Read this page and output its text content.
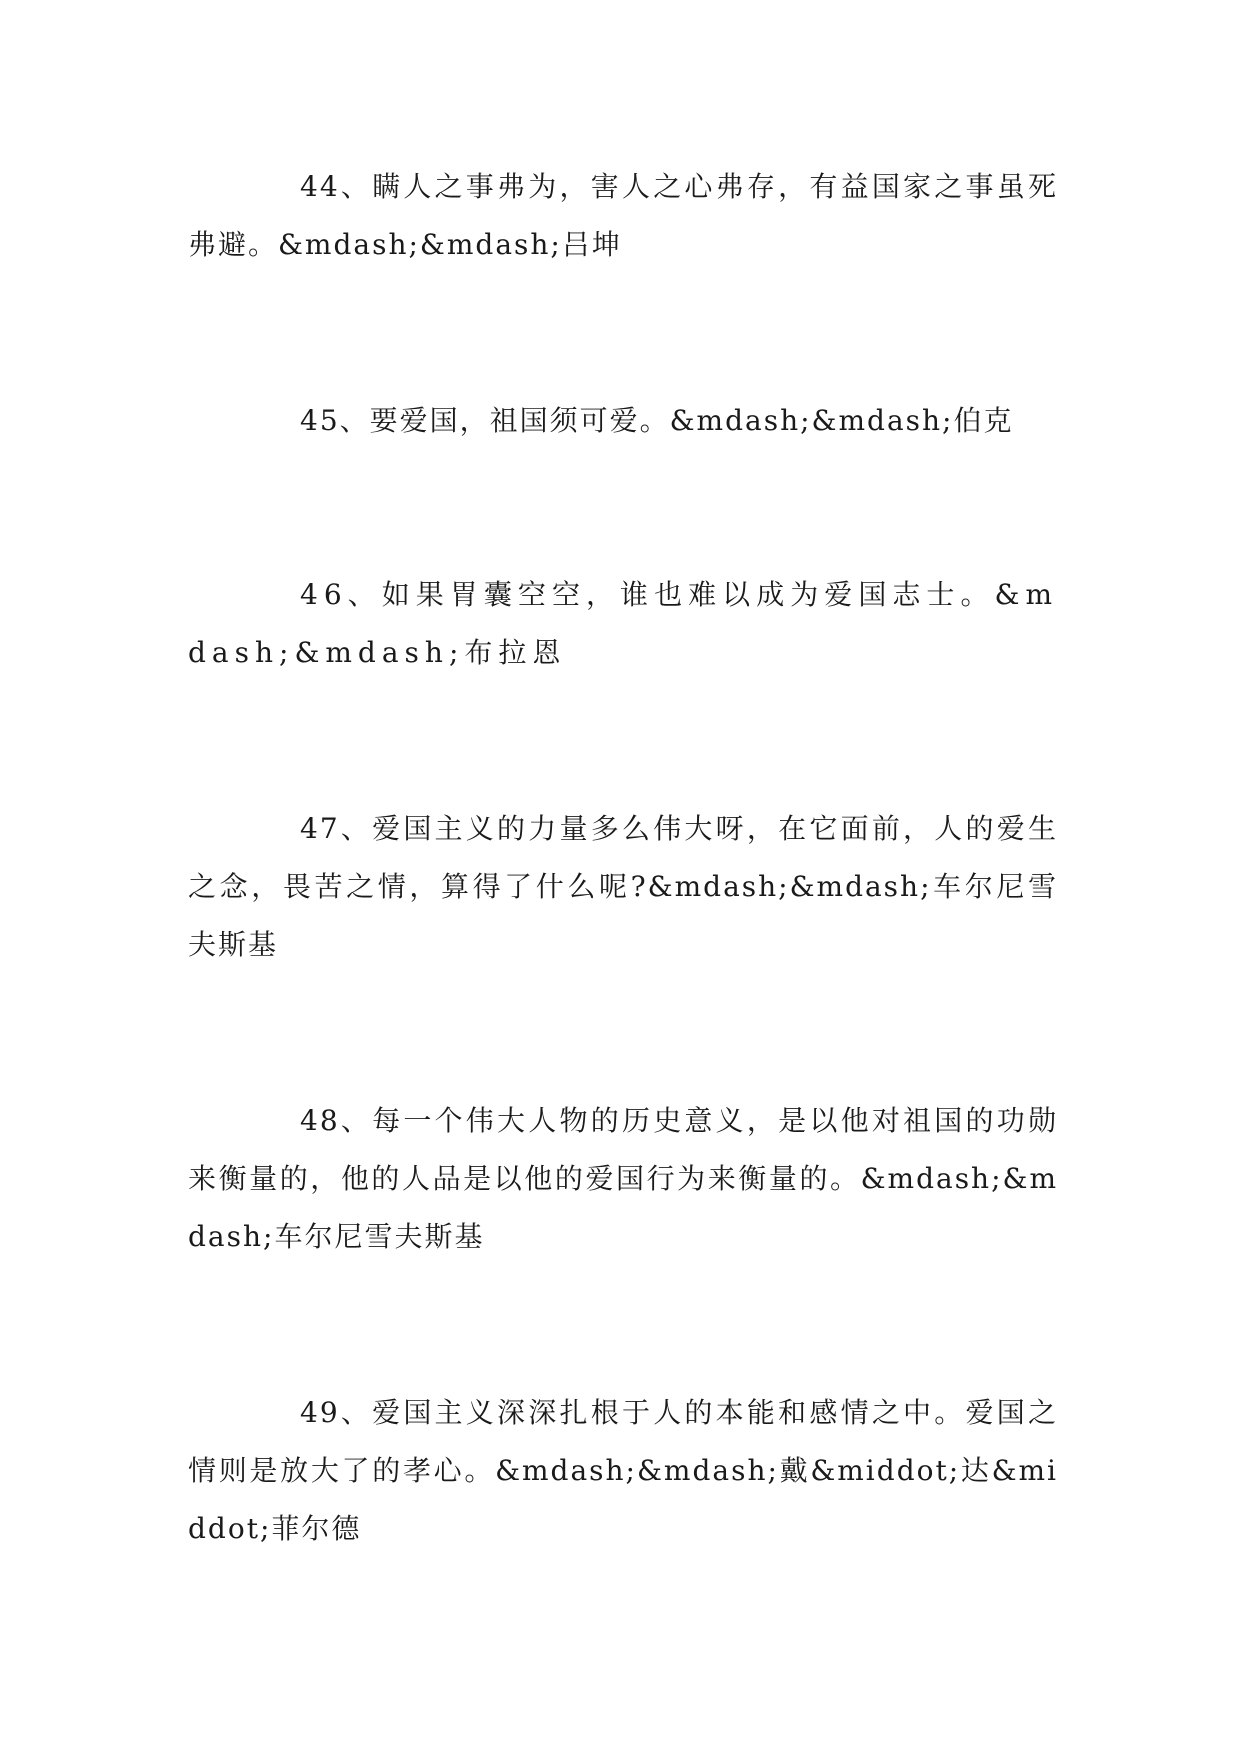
44、瞒人之事弗为，害人之心弗存，有益国家之事虽死弗避。&mdash;&mdash;吕坤

45、要爱国，祖国须可爱。&mdash;&mdash;伯克

46、如果胃囊空空，谁也难以成为爱国志士。&mdash;&mdash;布拉恩

47、爱国主义的力量多么伟大呀，在它面前，人的爱生之念，畏苦之情，算得了什么呢?&mdash;&mdash;车尔尼雪夫斯基

48、每一个伟大人物的历史意义，是以他对祖国的功勋来衡量的，他的人品是以他的爱国行为来衡量的。&mdash;&mdash;车尔尼雪夫斯基

49、爱国主义深深扎根于人的本能和感情之中。爱国之情则是放大了的孝心。&mdash;&mdash;戴&middot;达&middot;菲尔德
